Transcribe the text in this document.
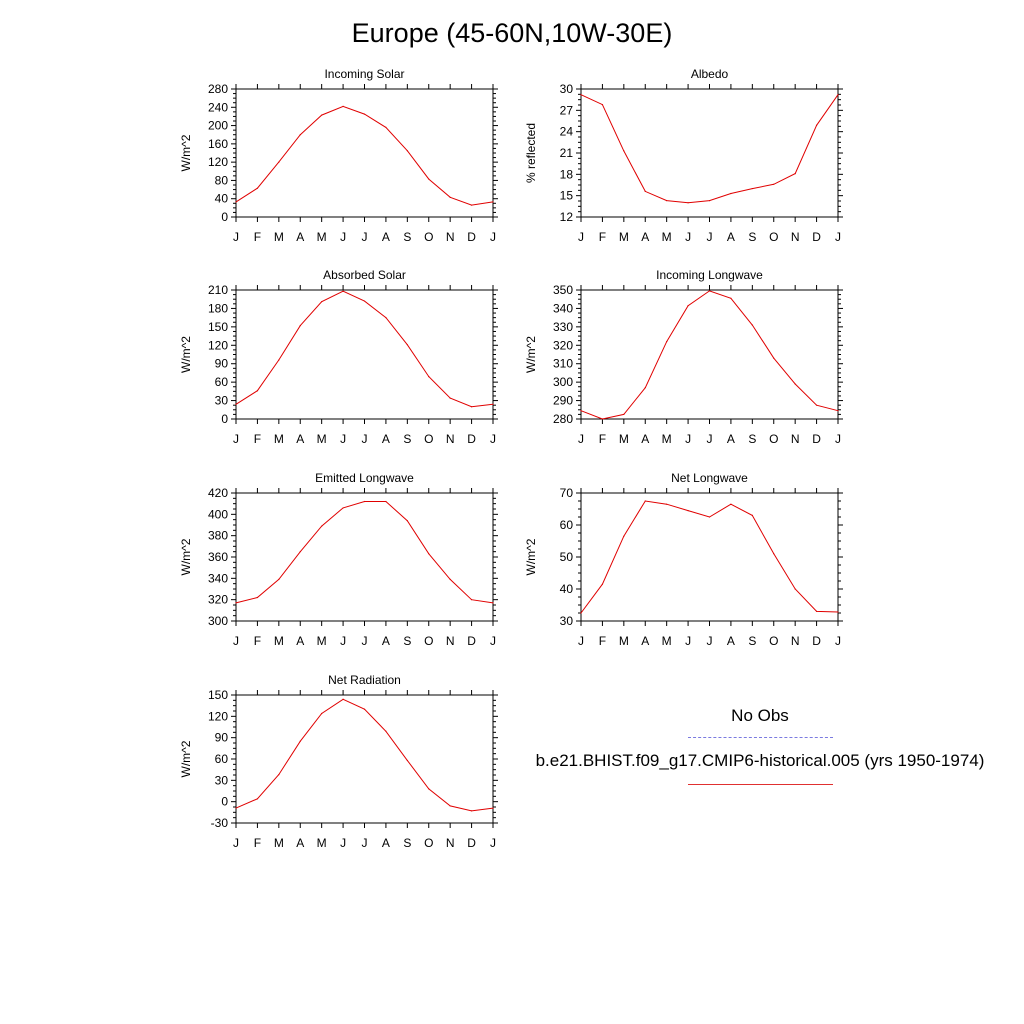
Europe (45-60N,10W-30E)
J F M A M J J A S O N D J
0
40
80
120
160
200
240
280
Incoming Solar
W/m^2
J F M A M J J A S O N D J
12
15
18
21
24
27
30
Albedo
% reflected
J F M A M J J A S O N D J
0
30
60
90
120
150
180
210
Absorbed Solar
W/m^2
J F M A M J J A S O N D J
280
290
300
310
320
330
340
350
Incoming Longwave
W/m^2
J F M A M J J A S O N D J
300
320
340
360
380
400
420
Emitted Longwave
W/m^2
J F M A M J J A S O N D J
30
40
50
60
70
Net Longwave
W/m^2
J F M A M J J A S O N D J
-30
0
30
60
90
120
150
Net Radiation
W/m^2
No Obs
b.e21.BHIST.f09_g17.CMIP6-historical.005 (yrs 1950-1974)
